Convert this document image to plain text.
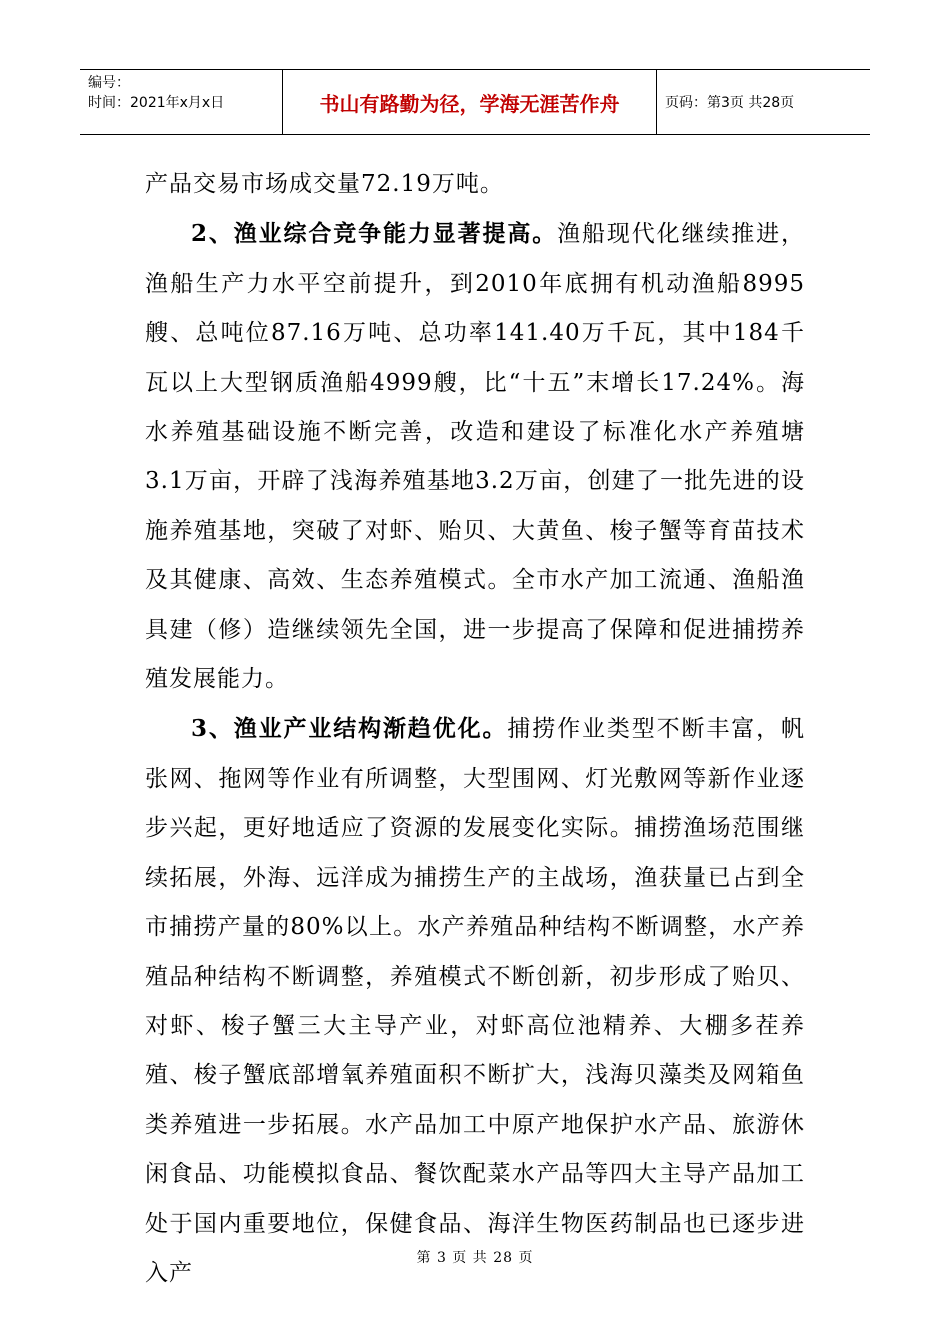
编号：
时间：2021年x月x日	书山有路勤为径，学海无涯苦作舟	页码：第3页 共28页

产品交易市场成交量72.19万吨。

2、渔业综合竞争能力显著提高。渔船现代化继续推进，渔船生产力水平空前提升，到2010年底拥有机动渔船8995艘、总吨位87.16万吨、总功率141.40万千瓦，其中184千瓦以上大型钢质渔船4999艘，比“十五”末增长17.24%。海水养殖基础设施不断完善，改造和建设了标准化水产养殖塘3.1万亩，开辟了浅海养殖基地3.2万亩，创建了一批先进的设施养殖基地，突破了对虾、贻贝、大黄鱼、梭子蟹等育苗技术及其健康、高效、生态养殖模式。全市水产加工流通、渔船渔具建（修）造继续领先全国，进一步提高了保障和促进捕捞养殖发展能力。

3、渔业产业结构渐趋优化。捕捞作业类型不断丰富，帆张网、拖网等作业有所调整，大型围网、灯光敷网等新作业逐步兴起，更好地适应了资源的发展变化实际。捕捞渔场范围继续拓展，外海、远洋成为捕捞生产的主战场，渔获量已占到全市捕捞产量的80%以上。水产养殖品种结构不断调整，水产养殖品种结构不断调整，养殖模式不断创新，初步形成了贻贝、对虾、梭子蟹三大主导产业，对虾高位池精养、大棚多茬养殖、梭子蟹底部增氧养殖面积不断扩大，浅海贝藻类及网箱鱼类养殖进一步拓展。水产品加工中原产地保护水产品、旅游休闲食品、功能模拟食品、餐饮配菜水产品等四大主导产品加工处于国内重要地位，保健食品、海洋生物医药制品也已逐步进入产

第 3 页 共 28 页
